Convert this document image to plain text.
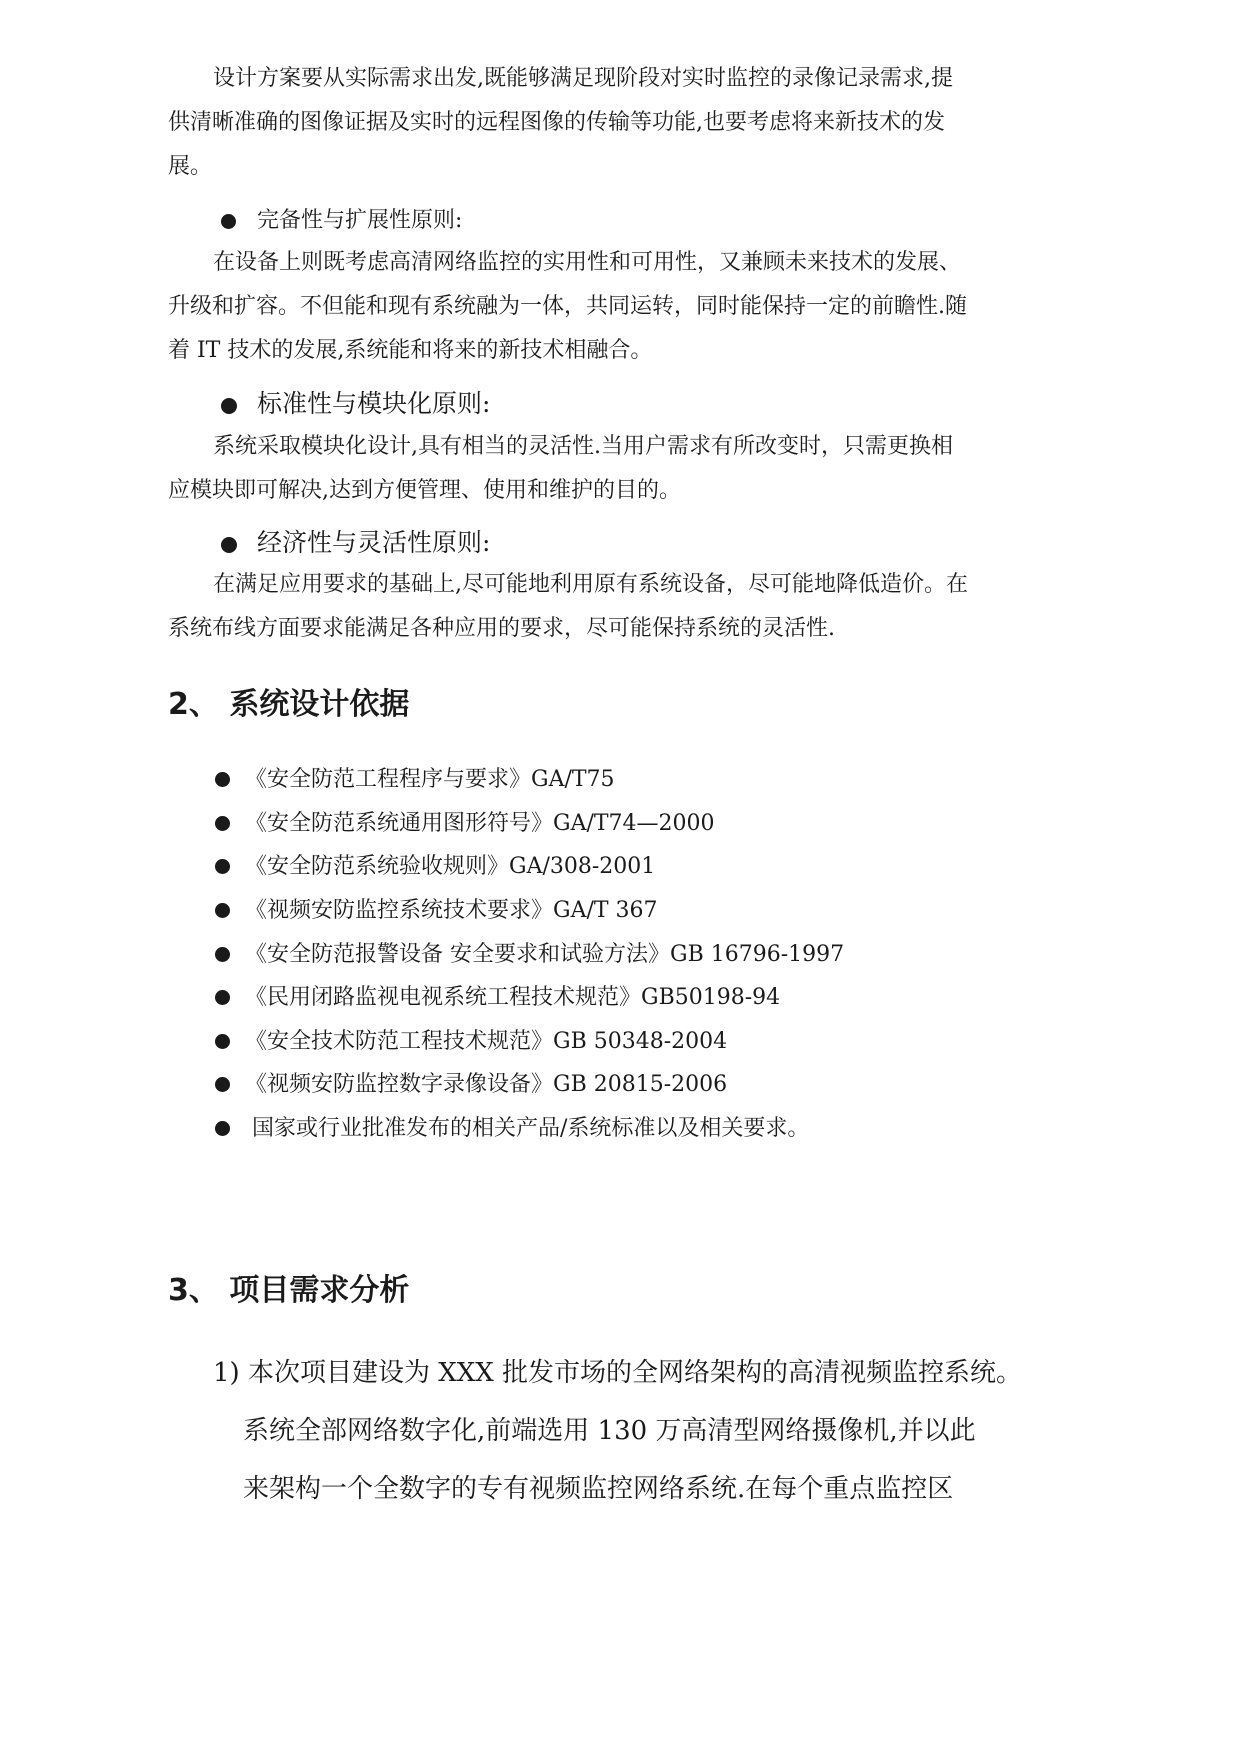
设计方案要从实际需求出发,既能够满足现阶段对实时监控的录像记录需求,提
供清晰准确的图像证据及实时的远程图像的传输等功能,也要考虑将来新技术的发
展。
完备性与扩展性原则:
在设备上则既考虑高清网络监控的实用性和可用性，又兼顾未来技术的发展、
升级和扩容。不但能和现有系统融为一体，共同运转，同时能保持一定的前瞻性.随
着 IT 技术的发展,系统能和将来的新技术相融合。
标准性与模块化原则:
系统采取模块化设计,具有相当的灵活性.当用户需求有所改变时，只需更换相
应模块即可解决,达到方便管理、使用和维护的目的。
经济性与灵活性原则:
在满足应用要求的基础上,尽可能地利用原有系统设备，尽可能地降低造价。在
系统布线方面要求能满足各种应用的要求，尽可能保持系统的灵活性.
2、 系统设计依据
《安全防范工程程序与要求》GA/T75
《安全防范系统通用图形符号》GA/T74—2000
《安全防范系统验收规则》GA/308-2001
《视频安防监控系统技术要求》GA/T 367
《安全防范报警设备 安全要求和试验方法》GB 16796-1997
《民用闭路监视电视系统工程技术规范》GB50198-94
《安全技术防范工程技术规范》GB 50348-2004
《视频安防监控数字录像设备》GB 20815-2006
国家或行业批准发布的相关产品/系统标准以及相关要求。
3、 项目需求分析
1) 本次项目建设为 XXX 批发市场的全网络架构的高清视频监控系统。
系统全部网络数字化,前端选用 130 万高清型网络摄像机,并以此
来架构一个全数字的专有视频监控网络系统.在每个重点监控区
